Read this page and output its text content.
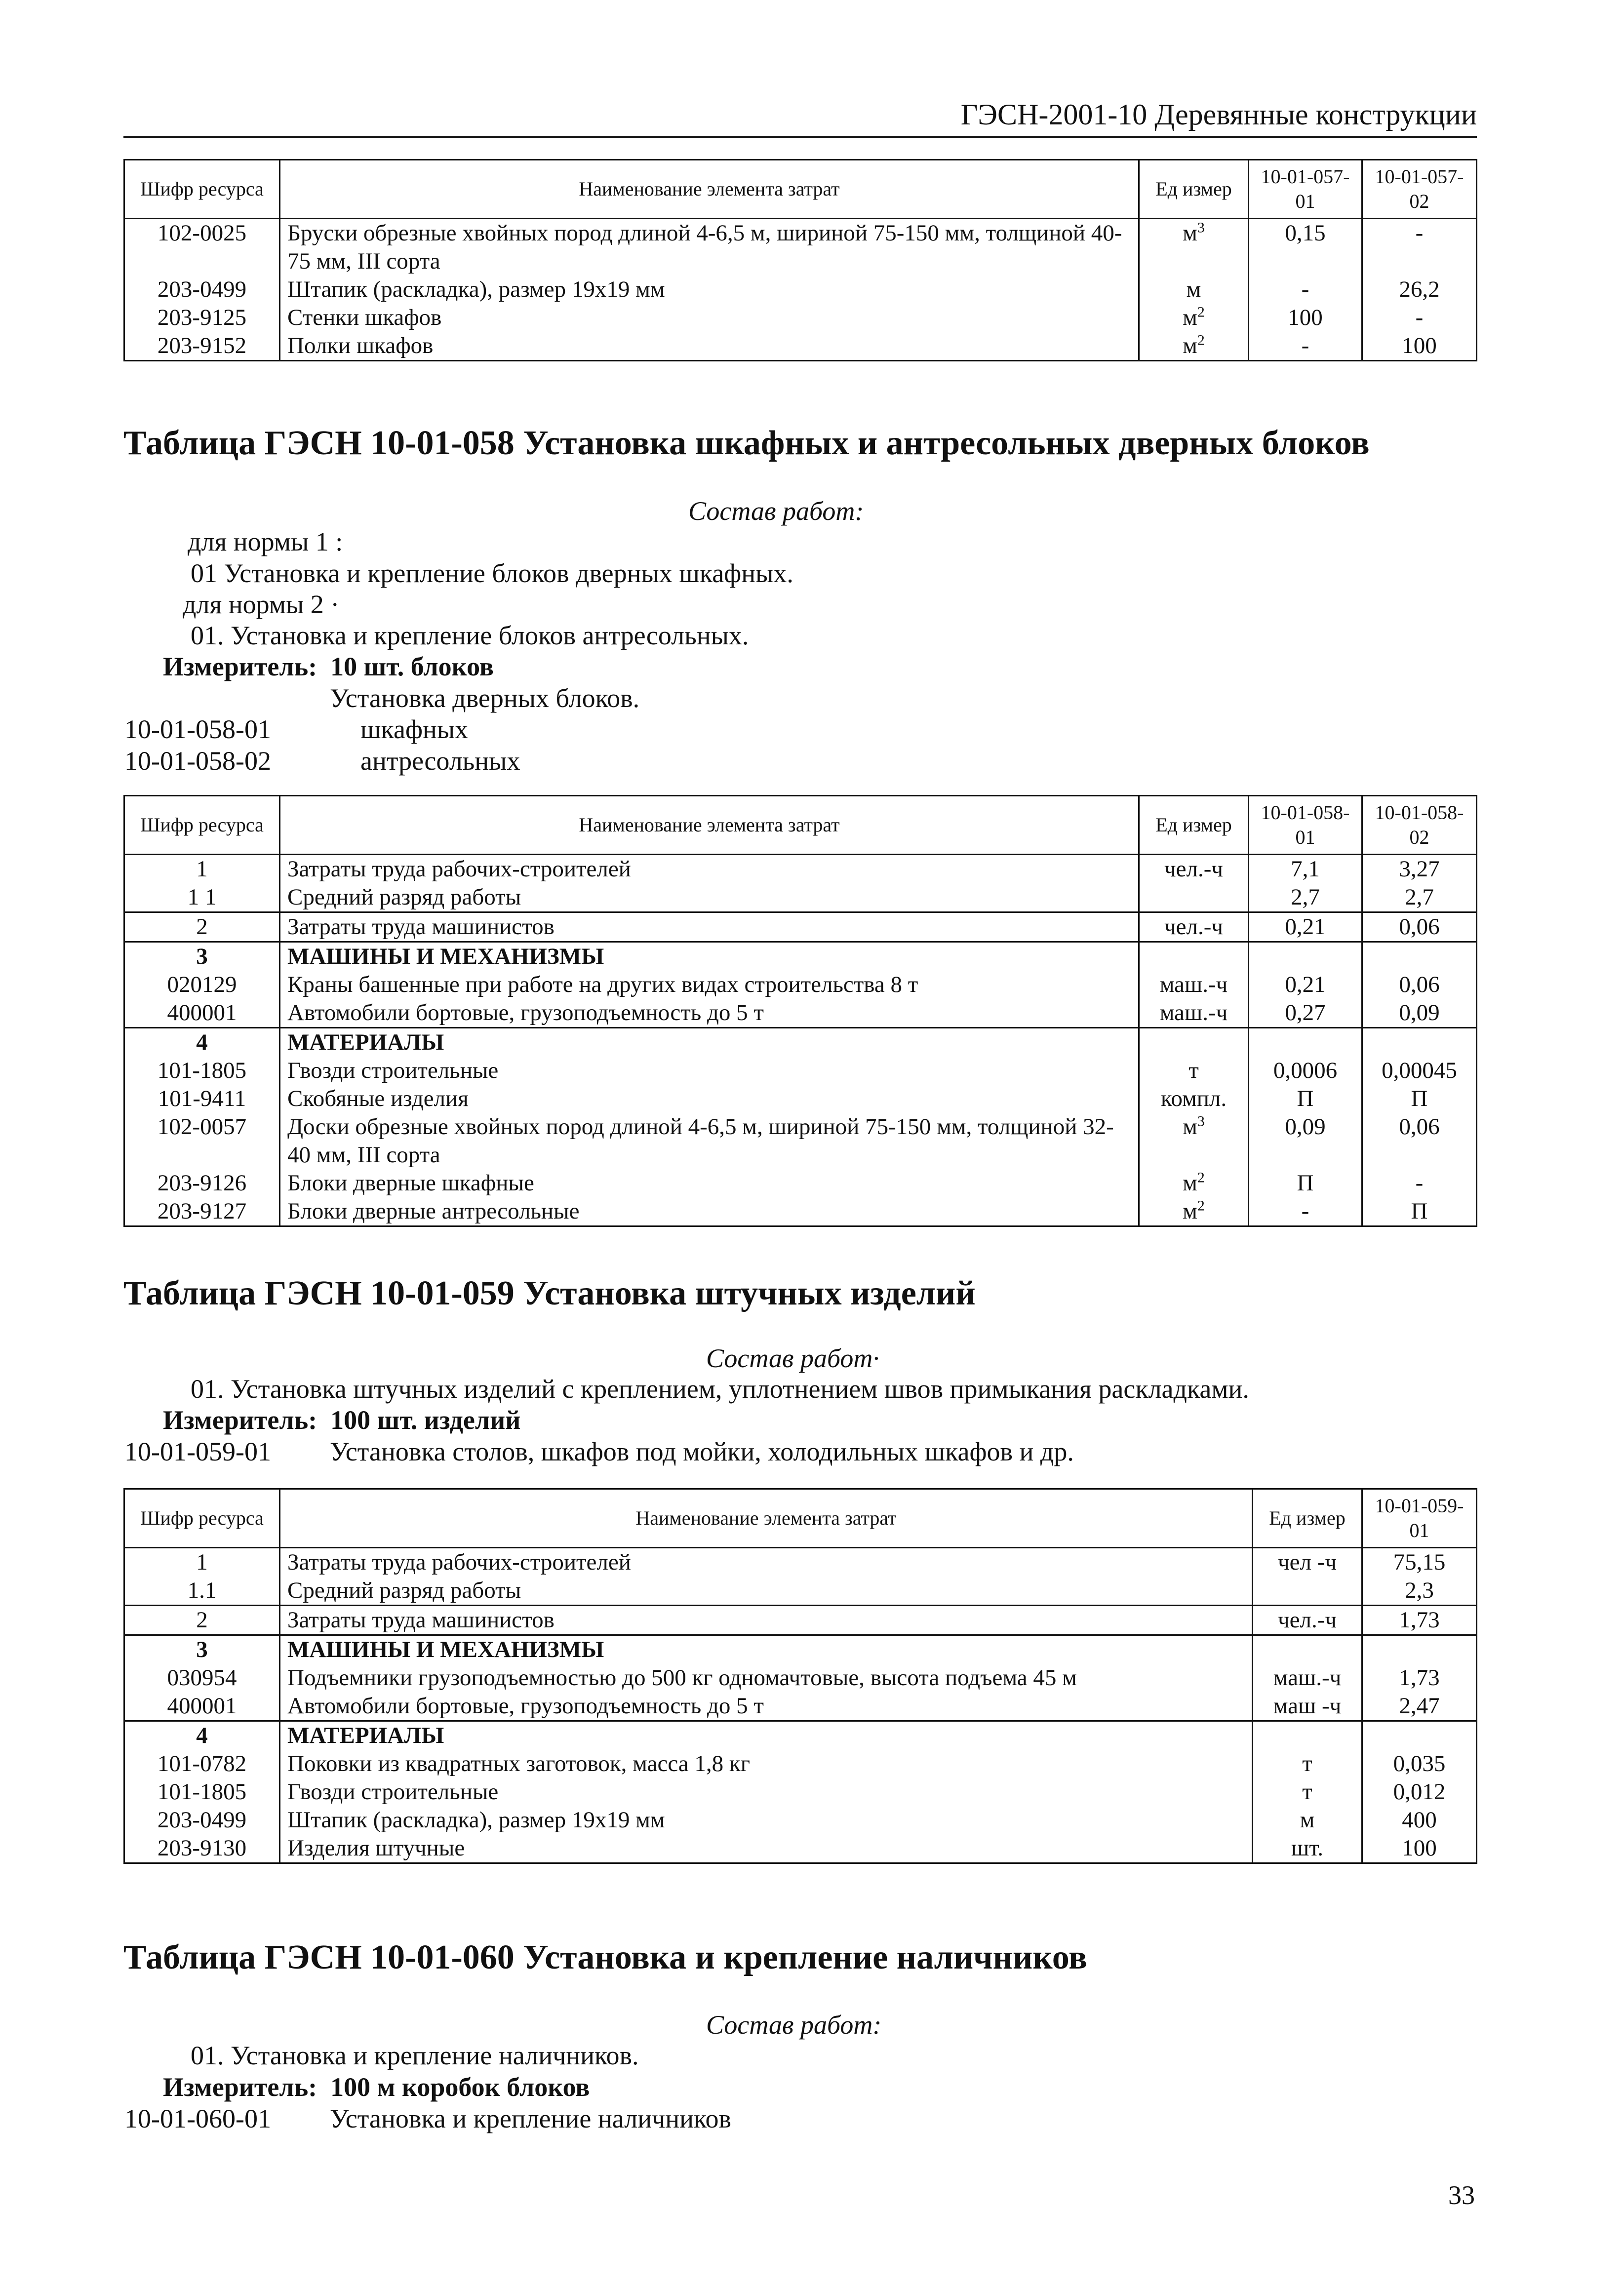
ГЭСН-2001-10 Деревянные конструкции
Шифр ресурса	Наименование элемента затрат	Ед измер	10-01-057-01	10-01-057-02
102-0025	Бруски обрезные хвойных пород длиной 4-6,5 м, шириной 75-150 мм, толщиной 40-75 мм, III сорта	$м^3$	0,15	-
203-0499	Штапик (раскладка), размер 19х19 мм	м	-	26,2
203-9125	Стенки шкафов	$м^2$	100	-
203-9152	Полки шкафов	$м^2$	-	100
Таблица ГЭСН 10-01-058 Установка шкафных и антресольных дверных блоков
Состав работ:
для нормы 1 :
01 Установка и крепление блоков дверных шкафных.
для нормы 2 ·
01. Установка и крепление блоков антресольных.
Измеритель: 10 шт. блоков
Установка дверных блоков.
10-01-058-01	шкафных
10-01-058-02	антресольных
Шифр ресурса	Наименование элемента затрат	Ед измер	10-01-058-01	10-01-058-02
1	Затраты труда рабочих-строителей	чел.-ч	7,1	3,27
1 1	Средний разряд работы		2,7	2,7
2	Затраты труда машинистов	чел.-ч	0,21	0,06
3	МАШИНЫ И МЕХАНИЗМЫ			
020129	Краны башенные при работе на других видах строительства 8 т	маш.-ч	0,21	0,06
400001	Автомобили бортовые, грузоподъемность до 5 т	маш.-ч	0,27	0,09
4	МАТЕРИАЛЫ			
101-1805	Гвозди строительные	т	0,0006	0,00045
101-9411	Скобяные изделия	компл.	П	П
102-0057	Доски обрезные хвойных пород длиной 4-6,5 м, шириной 75-150 мм, толщиной 32-40 мм, III сорта	$м^3$	0,09	0,06
203-9126	Блоки дверные шкафные	$м^2$	П	-
203-9127	Блоки дверные антресольные	$м^2$	-	П
Таблица ГЭСН 10-01-059 Установка штучных изделий
Состав работ·
01. Установка штучных изделий с креплением, уплотнением швов примыкания раскладками.
Измеритель: 100 шт. изделий
10-01-059-01 Установка столов, шкафов под мойки, холодильных шкафов и др.
Шифр ресурса	Наименование элемента затрат	Ед измер	10-01-059-01
1	Затраты труда рабочих-строителей	чел -ч	75,15
1.1	Средний разряд работы		2,3
2	Затраты труда машинистов	чел.-ч	1,73
3	МАШИНЫ И МЕХАНИЗМЫ		
030954	Подъемники грузоподъемностью до 500 кг одномачтовые, высота подъема 45 м	маш.-ч	1,73
400001	Автомобили бортовые, грузоподъемность до 5 т	маш -ч	2,47
4	МАТЕРИАЛЫ		
101-0782	Поковки из квадратных заготовок, масса 1,8 кг	т	0,035
101-1805	Гвозди строительные	т	0,012
203-0499	Штапик (раскладка), размер 19х19 мм	м	400
203-9130	Изделия штучные	шт.	100
Таблица ГЭСН 10-01-060 Установка и крепление наличников
Состав работ:
01. Установка и крепление наличников.
Измеритель: 100 м коробок блоков
10-01-060-01 Установка и крепление наличников
33
